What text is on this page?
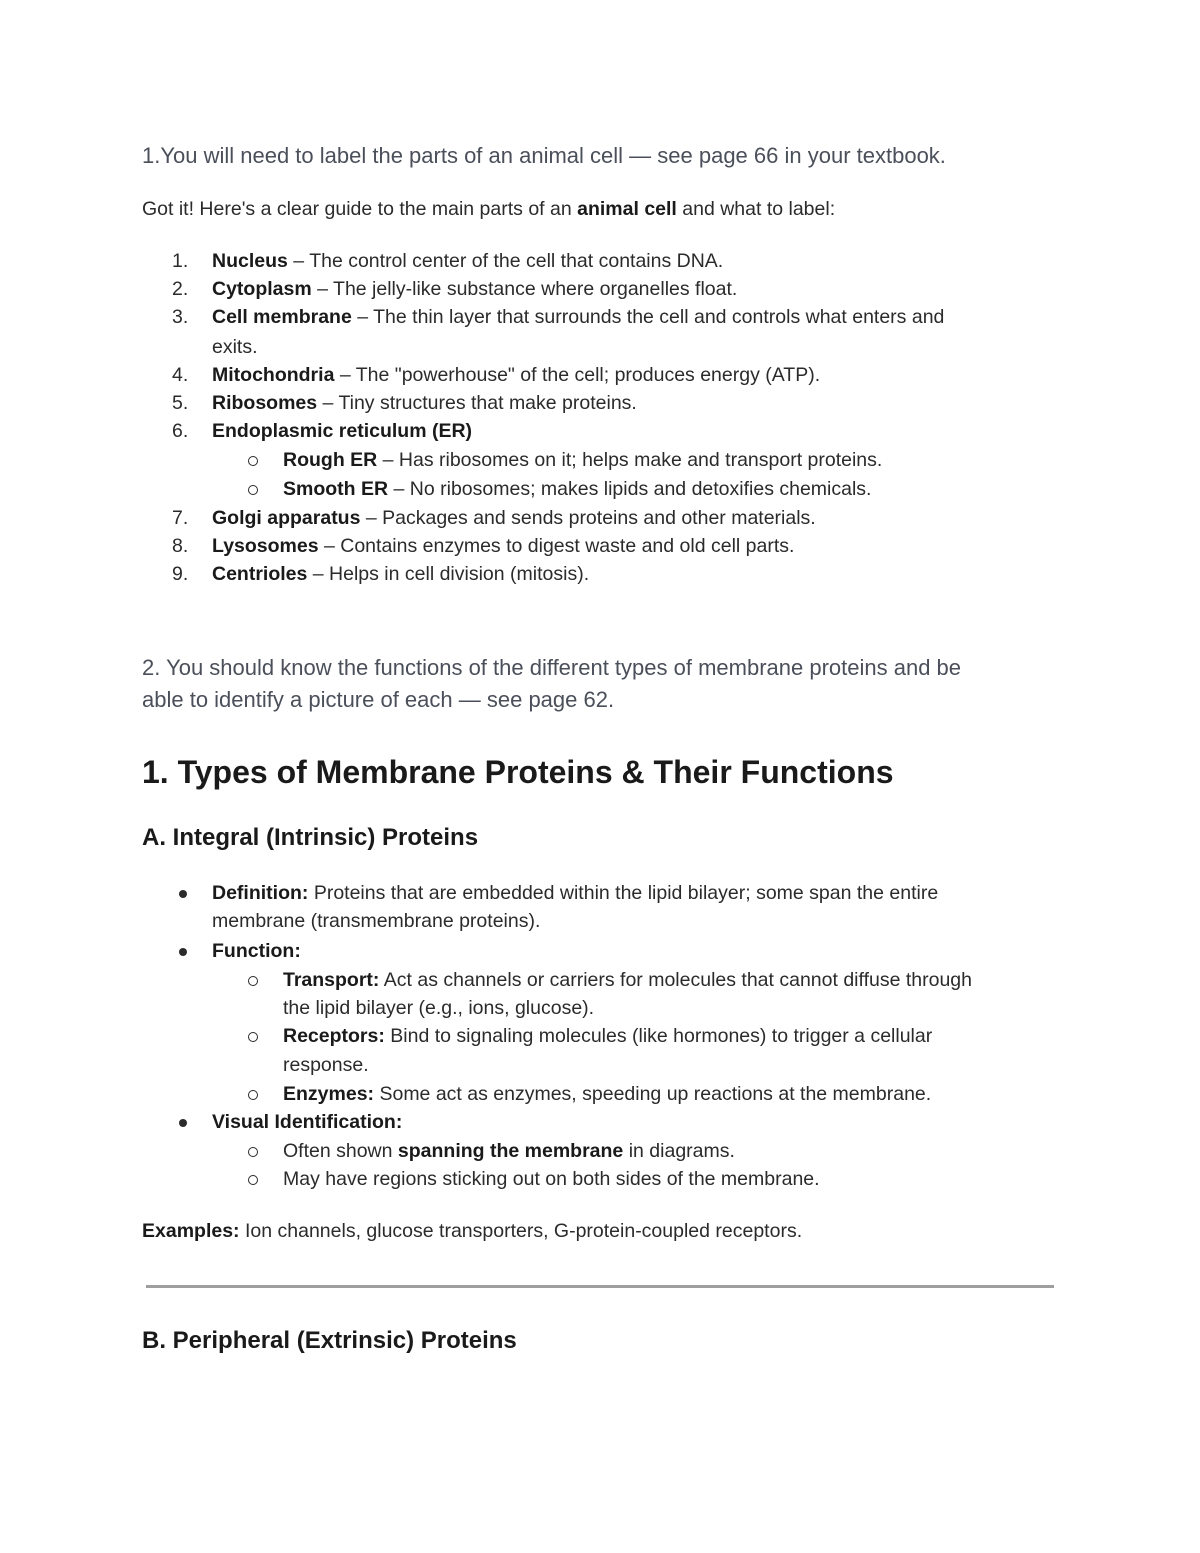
1.You will need to label the parts of an animal cell — see page 66 in your textbook.

Got it! Here's a clear guide to the main parts of an animal cell and what to label:

1.	Nucleus – The control center of the cell that contains DNA.
2.	Cytoplasm – The jelly-like substance where organelles float.
3.	Cell membrane – The thin layer that surrounds the cell and controls what enters and
exits.
4.	Mitochondria – The "powerhouse" of the cell; produces energy (ATP).
5.	Ribosomes – Tiny structures that make proteins.
6.	Endoplasmic reticulum (ER)
Rough ER – Has ribosomes on it; helps make and transport proteins.
Smooth ER – No ribosomes; makes lipids and detoxifies chemicals.
7.	Golgi apparatus – Packages and sends proteins and other materials.
8.	Lysosomes – Contains enzymes to digest waste and old cell parts.
9.	Centrioles – Helps in cell division (mitosis).

2. You should know the functions of the different types of membrane proteins and be

able to identify a picture of each — see page 62.

1. Types of Membrane Proteins & Their Functions

A. Integral (Intrinsic) Proteins

Definition: Proteins that are embedded within the lipid bilayer; some span the entire
membrane (transmembrane proteins).
Function:
Transport: Act as channels or carriers for molecules that cannot diffuse through
the lipid bilayer (e.g., ions, glucose).
Receptors: Bind to signaling molecules (like hormones) to trigger a cellular
response.
Enzymes: Some act as enzymes, speeding up reactions at the membrane.
Visual Identification:
Often shown spanning the membrane in diagrams.
May have regions sticking out on both sides of the membrane.

Examples: Ion channels, glucose transporters, G-protein-coupled receptors.

B. Peripheral (Extrinsic) Proteins
